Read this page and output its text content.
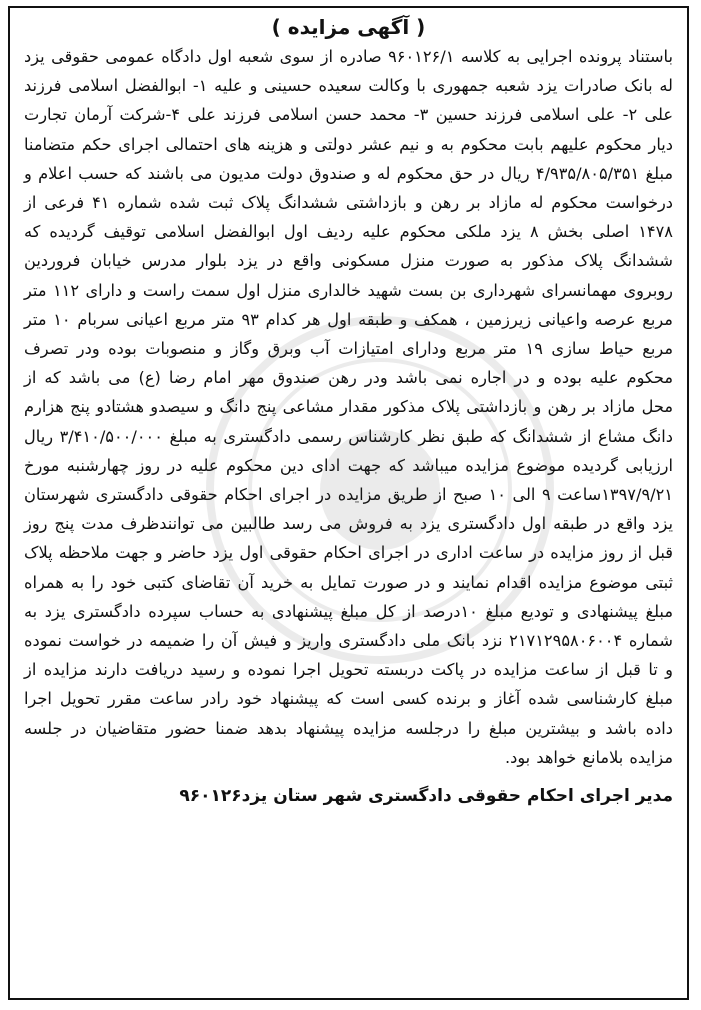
( آگهی مزایده )

باستناد پرونده اجرایی به کلاسه ۹۶۰۱۲۶/۱ صادره از سوی شعبه اول دادگاه عمومی حقوقی یزد له بانک صادرات یزد شعبه جمهوری با وکالت سعیده حسینی و علیه ۱- ابوالفضل اسلامی فرزند علی ۲- علی اسلامی فرزند حسین ۳- محمد حسن اسلامی فرزند علی ۴-شرکت آرمان تجارت دیار محکوم علیهم بابت محکوم به و نیم عشر دولتی و هزینه های احتمالی اجرای حکم متضامنا مبلغ ۴/۹۳۵/۸۰۵/۳۵۱ ریال در حق محکوم له و صندوق دولت مدیون می باشند که حسب اعلام و درخواست محکوم له مازاد بر رهن و بازداشتی ششدانگ پلاک ثبت شده شماره ۴۱ فرعی از ۱۴۷۸ اصلی بخش ۸ یزد ملکی محکوم علیه ردیف اول ابوالفضل اسلامی توقیف گردیده که ششدانگ پلاک مذکور به صورت منزل مسکونی واقع در یزد بلوار مدرس خیابان فروردین روبروی مهمانسرای شهرداری بن بست شهید خالداری منزل اول سمت راست و دارای ۱۱۲ متر مربع عرصه واعیانی زیرزمین ، همکف و طبقه اول هر کدام ۹۳ متر مربع اعیانی سربام ۱۰ متر مربع حیاط سازی ۱۹ متر مربع ودارای امتیازات آب وبرق وگاز و منصوبات بوده ودر تصرف محکوم علیه بوده و در اجاره نمی باشد ودر رهن صندوق مهر امام رضا (ع) می باشد که از محل مازاد بر رهن و بازداشتی پلاک مذکور مقدار مشاعی پنج دانگ و سیصدو هشتادو پنج هزارم دانگ مشاع از ششدانگ که طبق نظر کارشناس رسمی دادگستری به مبلغ ۳/۴۱۰/۵۰۰/۰۰۰ ریال ارزیابی گردیده موضوع مزایده میباشد که جهت ادای دین محکوم علیه در روز چهارشنبه مورخ ۱۳۹۷/۹/۲۱ساعت ۹ الی ۱۰ صبح از طریق مزایده در اجرای احکام حقوقی دادگستری شهرستان یزد واقع در طبقه اول دادگستری یزد به فروش می رسد طالبین می توانندظرف مدت پنج روز قبل از روز مزایده در ساعت اداری در اجرای احکام حقوقی اول یزد حاضر و جهت ملاحظه پلاک ثبتی موضوع مزایده اقدام نمایند و در صورت تمایل به خرید آن تقاضای کتبی خود را به همراه مبلغ پیشنهادی و تودیع مبلغ ۱۰درصد از کل مبلغ پیشنهادی به حساب سپرده دادگستری یزد به شماره ۲۱۷۱۲۹۵۸۰۶۰۰۴ نزد بانک ملی دادگستری واریز و فیش آن را ضمیمه در خواست نموده و تا قبل از ساعت مزایده در پاکت دربسته تحویل اجرا نموده و رسید دریافت دارند مزایده از مبلغ کارشناسی شده آغاز و برنده کسی است که پیشنهاد خود رادر ساعت مقرر تحویل اجرا داده باشد و بیشترین مبلغ را درجلسه مزایده پیشنهاد بدهد ضمنا حضور متقاضیان در جلسه مزایده بلامانع خواهد بود.

مدیر اجرای احکام حقوقی دادگستری شهر ستان یزد۹۶۰۱۲۶
